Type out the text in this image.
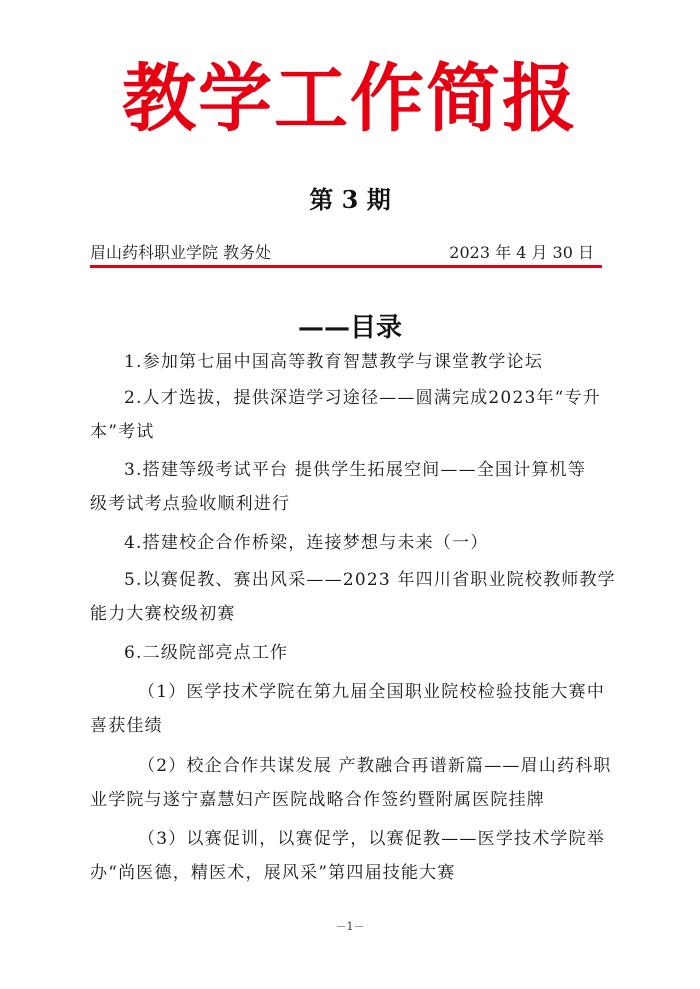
教学工作简报
第 3 期
眉山药科职业学院 教务处	2023 年 4 月 30 日
——目录
1.参加第七届中国高等教育智慧教学与课堂教学论坛
2.人才选拔，提供深造学习途径——圆满完成2023年“专升
本”考试
3.搭建等级考试平台 提供学生拓展空间——全国计算机等
级考试考点验收顺利进行
4.搭建校企合作桥梁，连接梦想与未来（一）
5.以赛促教、赛出风采——2023 年四川省职业院校教师教学
能力大赛校级初赛
6.二级院部亮点工作
（1）医学技术学院在第九届全国职业院校检验技能大赛中
喜获佳绩
（2）校企合作共谋发展 产教融合再谱新篇——眉山药科职
业学院与遂宁嘉慧妇产医院战略合作签约暨附属医院挂牌
（3）以赛促训，以赛促学，以赛促教——医学技术学院举
办“尚医德，精医术，展风采”第四届技能大赛
－1－
